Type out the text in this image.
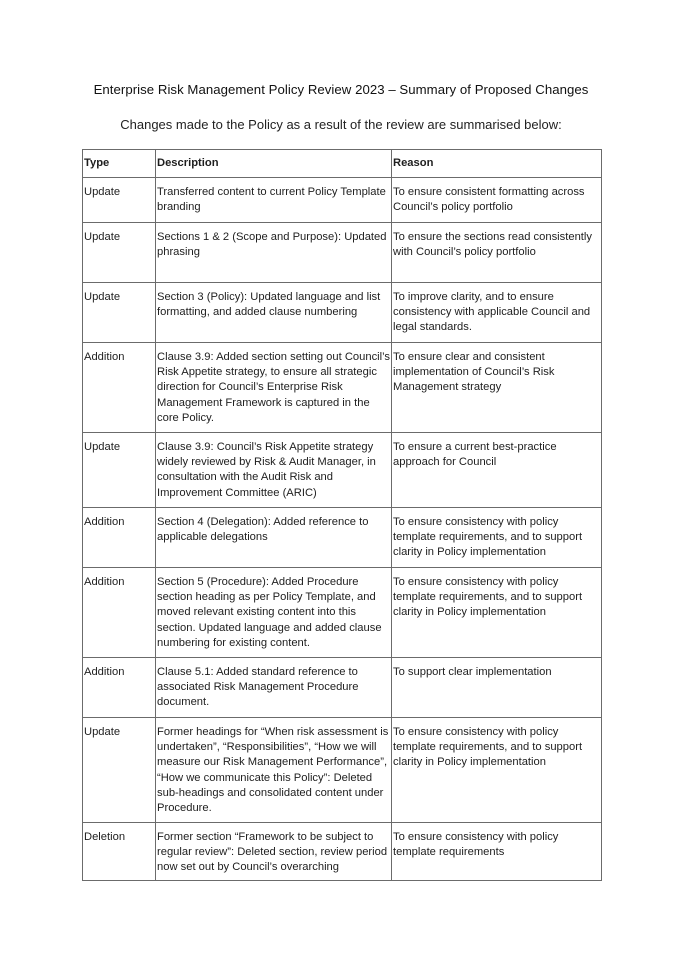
Enterprise Risk Management Policy Review 2023 – Summary of Proposed Changes
Changes made to the Policy as a result of the review are summarised below:
Type	Description	Reason
Update	Transferred content to current Policy Template branding	To ensure consistent formatting across Council’s policy portfolio
Update	Sections 1 & 2 (Scope and Purpose): Updated phrasing	To ensure the sections read consistently with Council’s policy portfolio
Update	Section 3 (Policy): Updated language and list formatting, and added clause numbering	To improve clarity, and to ensure consistency with applicable Council and legal standards.
Addition	Clause 3.9: Added section setting out Council’s Risk Appetite strategy, to ensure all strategic direction for Council’s Enterprise Risk Management Framework is captured in the core Policy.	To ensure clear and consistent implementation of Council’s Risk Management strategy
Update	Clause 3.9: Council’s Risk Appetite strategy widely reviewed by Risk & Audit Manager, in consultation with the Audit Risk and Improvement Committee (ARIC)	To ensure a current best-practice approach for Council
Addition	Section 4 (Delegation): Added reference to applicable delegations	To ensure consistency with policy template requirements, and to support clarity in Policy implementation
Addition	Section 5 (Procedure): Added Procedure section heading as per Policy Template, and moved relevant existing content into this section. Updated language and added clause numbering for existing content.	To ensure consistency with policy template requirements, and to support clarity in Policy implementation
Addition	Clause 5.1: Added standard reference to associated Risk Management Procedure document.	To support clear implementation
Update	Former headings for “When risk assessment is undertaken”, “Responsibilities”, “How we will measure our Risk Management Performance”, “How we communicate this Policy”: Deleted sub-headings and consolidated content under Procedure.	To ensure consistency with policy template requirements, and to support clarity in Policy implementation
Deletion	Former section “Framework to be subject to regular review”: Deleted section, review period now set out by Council’s overarching	To ensure consistency with policy template requirements
